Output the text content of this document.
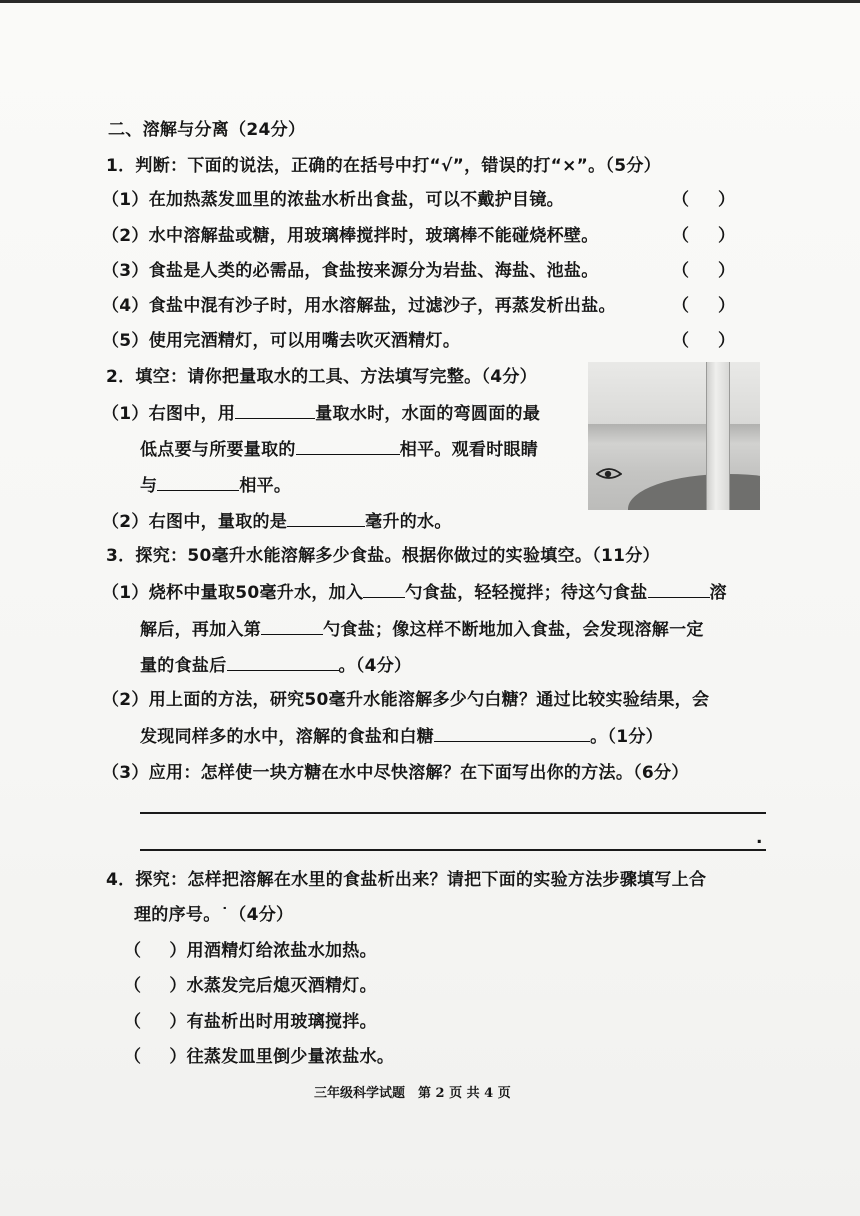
二、溶解与分离（24分）
1．判断：下面的说法，正确的在括号中打“√”，错误的打“×”。（5分）
（1）在加热蒸发皿里的浓盐水析出食盐，可以不戴护目镜。	（ ）
（2）水中溶解盐或糖，用玻璃棒搅拌时，玻璃棒不能碰烧杯壁。	（ ）
（3）食盐是人类的必需品，食盐按来源分为岩盐、海盐、池盐。	（ ）
（4）食盐中混有沙子时，用水溶解盐，过滤沙子，再蒸发析出盐。	（ ）
（5）使用完酒精灯，可以用嘴去吹灭酒精灯。	（ ）
2．填空：请你把量取水的工具、方法填写完整。（4分）
（1）右图中，用	量取水时，水面的弯圆面的最
低点要与所要量取的	相平。观看时眼睛
与	相平。
（2）右图中，量取的是	毫升的水。
3．探究：50毫升水能溶解多少食盐。根据你做过的实验填空。（11分）
（1）烧杯中量取50毫升水，加入 勺食盐，轻轻搅拌；待这勺食盐	溶
解后，再加入第	勺食盐；像这样不断地加入食盐，会发现溶解一定
量的食盐后	。（4分）
（2）用上面的方法，研究50毫升水能溶解多少勺白糖？通过比较实验结果，会
发现同样多的水中，溶解的食盐和白糖	。（1分）
（3）应用：怎样使一块方糖在水中尽快溶解？在下面写出你的方法。（6分）
.
4．探究：怎样把溶解在水里的食盐析出来？请把下面的实验方法步骤填写上合
理的序号。˙（4分）
（ ）用酒精灯给浓盐水加热。
（ ）水蒸发完后熄灭酒精灯。
（ ）有盐析出时用玻璃搅拌。
（ ）往蒸发皿里倒少量浓盐水。
三年级科学试题　第 2 页 共 4 页
